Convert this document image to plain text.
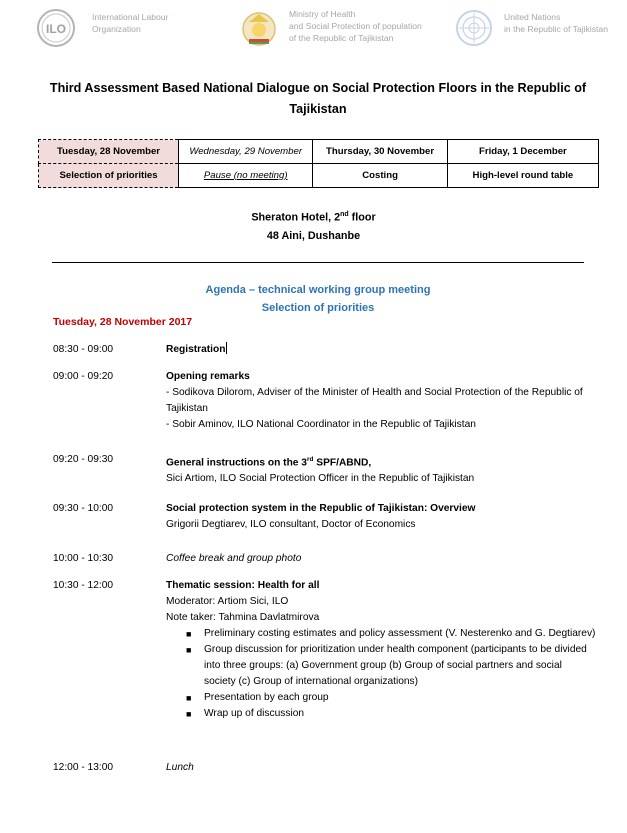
ILO
International Labour
Organization
Ministry of Health
and Social Protection of population
of the Republic of Tajikistan
United Nations
in the Republic of Tajikistan
Third Assessment Based National Dialogue on Social Protection Floors in the Republic of Tajikistan
Tuesday, 28 November	Wednesday, 29 November	Thursday, 30 November	Friday, 1 December
Selection of priorities	Pause (no meeting)	Costing	High-level round table
Sheraton Hotel, 2nd floor
48 Aini, Dushanbe
Agenda – technical working group meeting
Selection of priorities
Tuesday, 28 November 2017
08:30 - 09:00	Registration
09:00 - 09:20	Opening remarks
- Sodikova Dilorom, Adviser of the Minister of Health and Social Protection of the Republic of Tajikistan
- Sobir Aminov, ILO National Coordinator in the Republic of Tajikistan
09:20 - 09:30	General instructions on the 3rd SPF/ABND,
Sici Artiom, ILO Social Protection Officer in the Republic of Tajikistan
09:30 - 10:00	Social protection system in the Republic of Tajikistan: Overview
Grigorii Degtiarev, ILO consultant, Doctor of Economics
10:00 - 10:30	Coffee break and group photo
10:30 - 12:00	Thematic session: Health for all
Moderator: Artiom Sici, ILO
Note taker: Tahmina Davlatmirova
■ Preliminary costing estimates and policy assessment (V. Nesterenko and G. Degtiarev)
■ Group discussion for prioritization under health component (participants to be divided into three groups: (a) Government group (b) Group of social partners and social society (c) Group of international organizations)
■ Presentation by each group
■ Wrap up of discussion
12:00 - 13:00	Lunch
